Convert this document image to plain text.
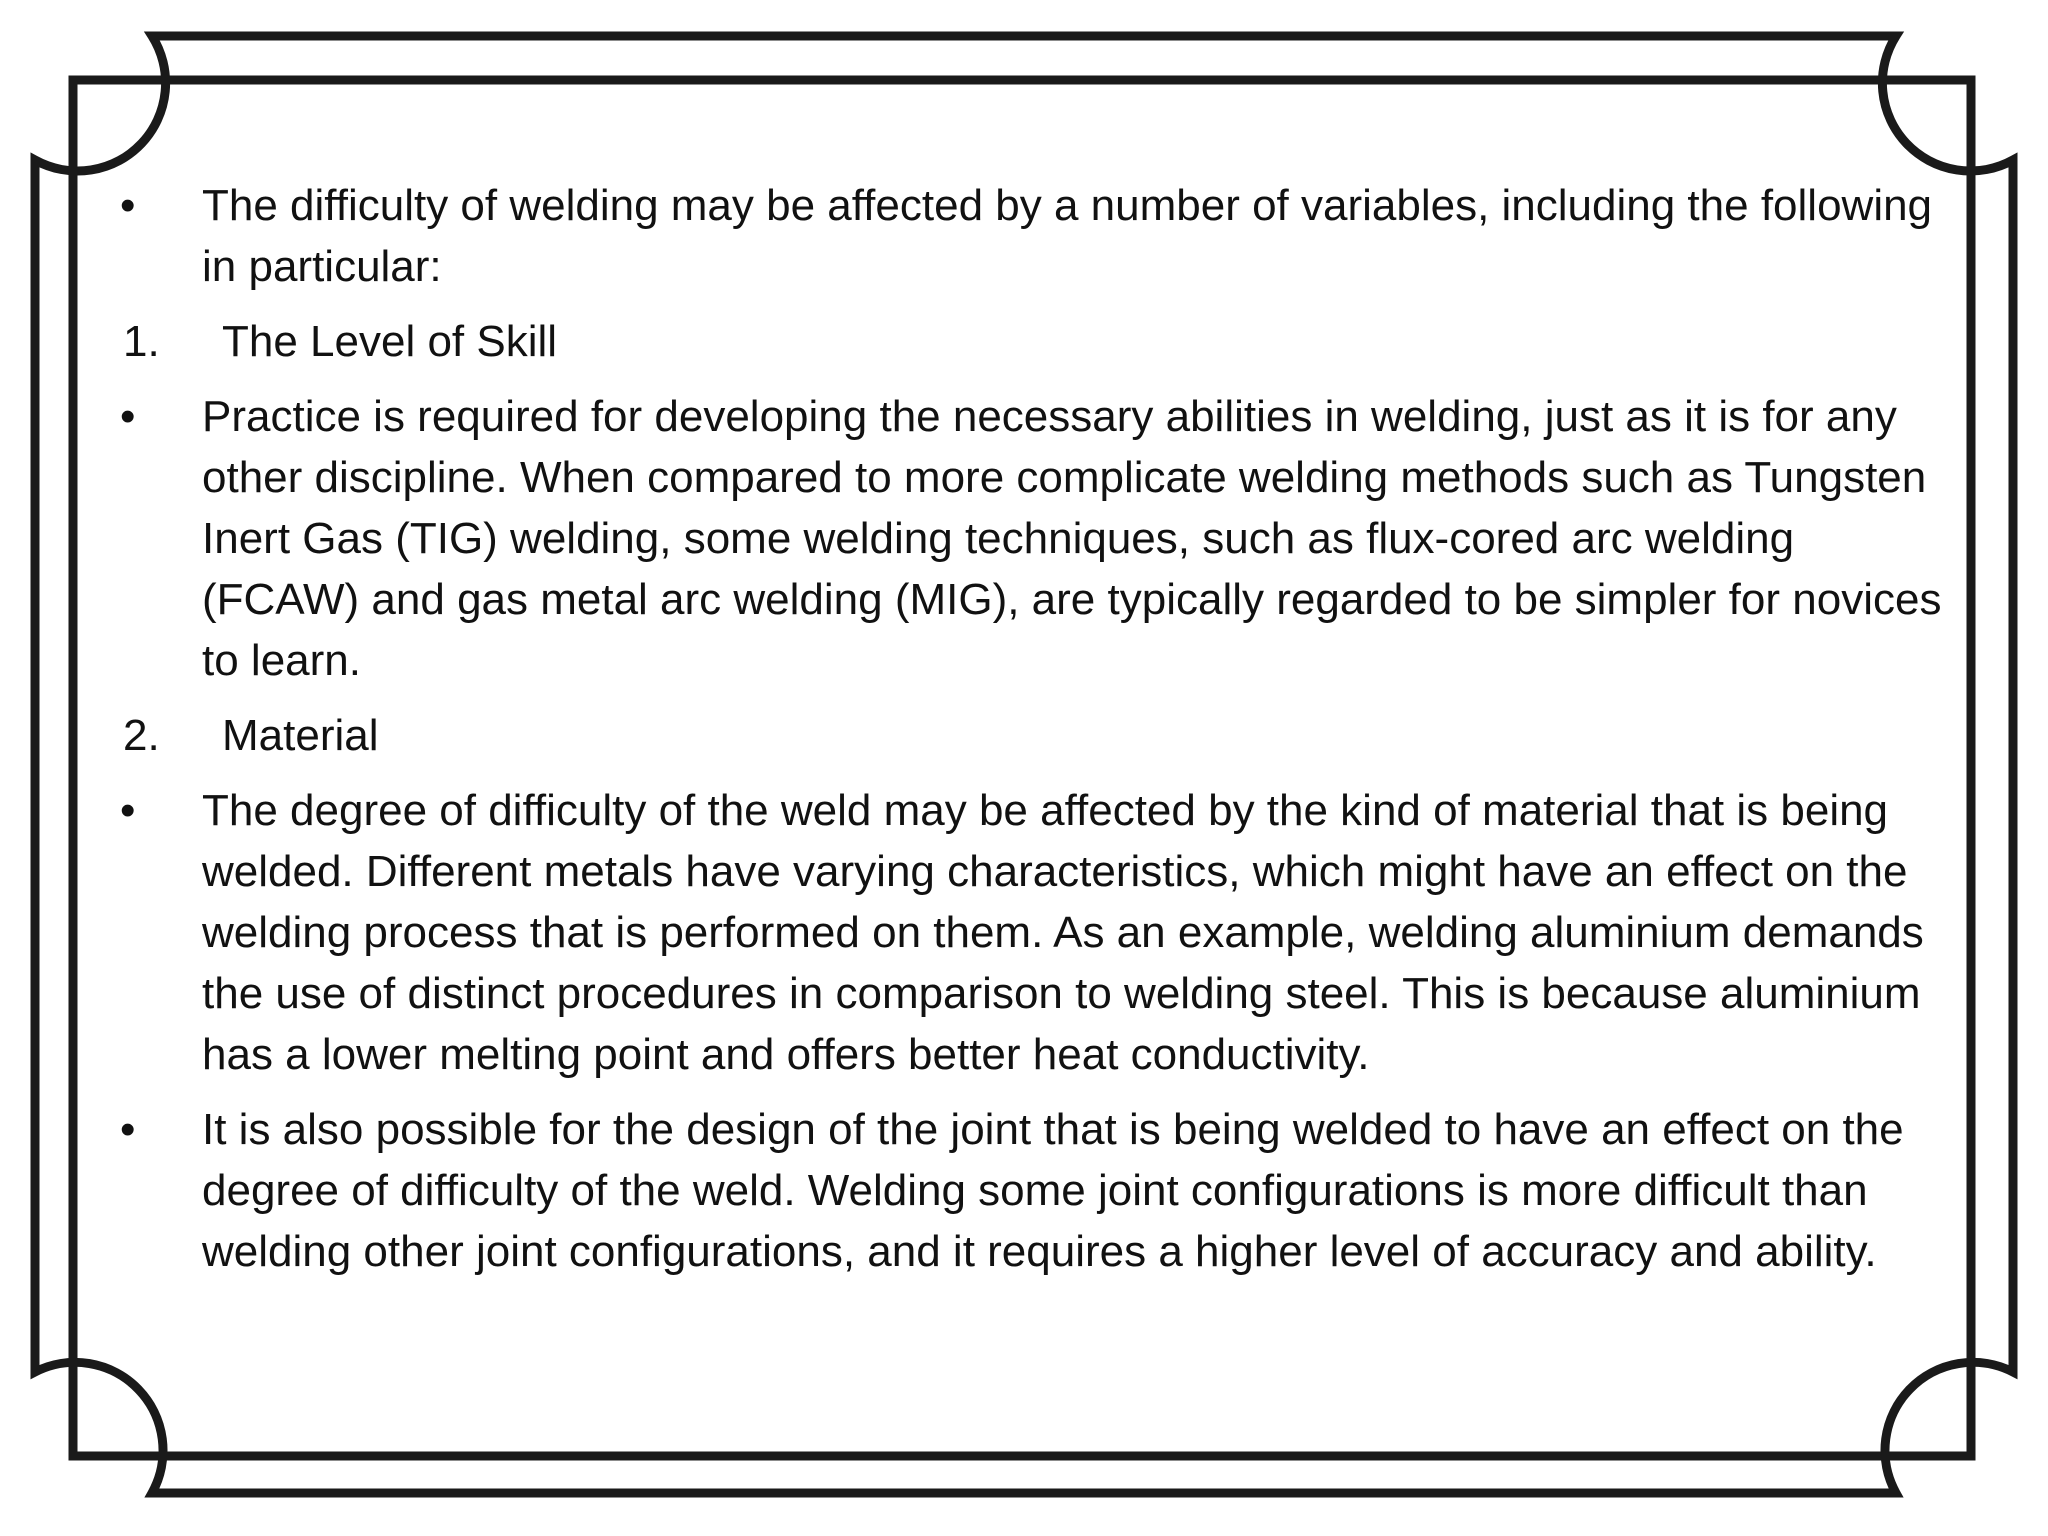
•	The difficulty of welding may be affected by a number of variables, including the following in particular:
1. The Level of Skill
•	Practice is required for developing the necessary abilities in welding, just as it is for any other discipline. When compared to more complicate welding methods such as Tungsten Inert Gas (TIG) welding, some welding techniques, such as flux-cored arc welding (FCAW) and gas metal arc welding (MIG), are typically regarded to be simpler for novices to learn.
2. Material
•	The degree of difficulty of the weld may be affected by the kind of material that is being welded. Different metals have varying characteristics, which might have an effect on the welding process that is performed on them. As an example, welding aluminium demands the use of distinct procedures in comparison to welding steel. This is because aluminium has a lower melting point and offers better heat conductivity.
•	It is also possible for the design of the joint that is being welded to have an effect on the degree of difficulty of the weld. Welding some joint configurations is more difficult than welding other joint configurations, and it requires a higher level of accuracy and ability.
